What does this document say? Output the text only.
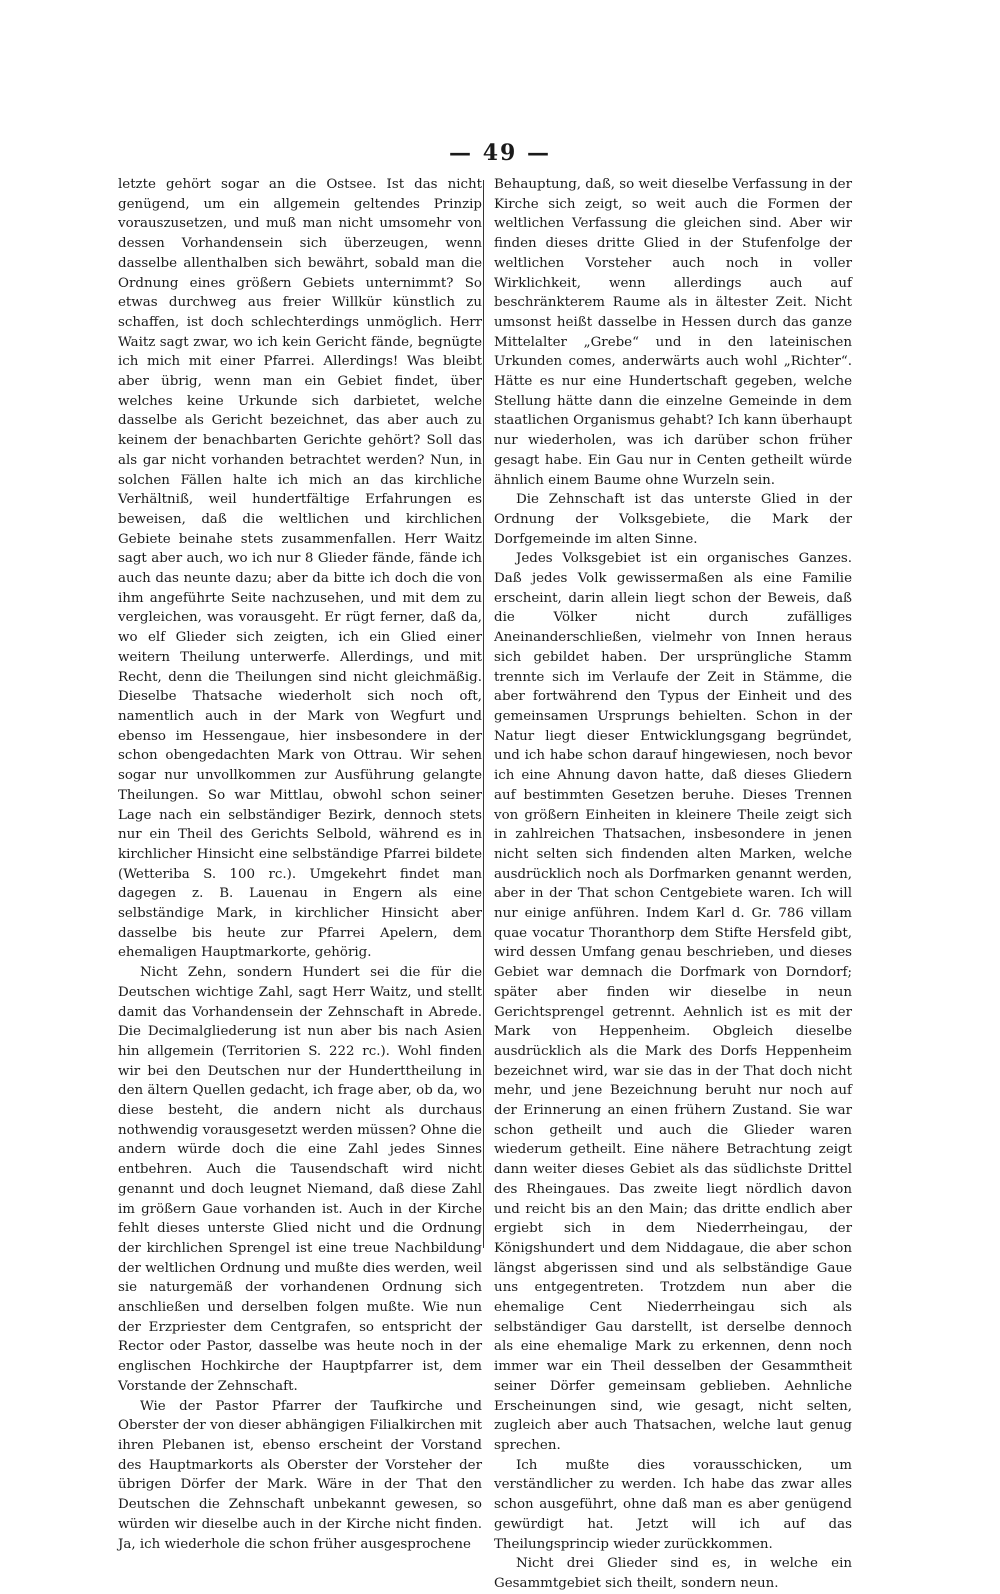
— 49 —

letzte gehört sogar an die Ostsee. Ist das nicht genügend, um ein allgemein geltendes Prinzip vorauszusetzen, und muß man nicht umsomehr von dessen Vorhandensein sich überzeugen, wenn dasselbe allenthalben sich bewährt, sobald man die Ordnung eines größern Gebiets unternimmt? So etwas durchweg aus freier Willkür künstlich zu schaffen, ist doch schlechterdings unmöglich. Herr Waitz sagt zwar, wo ich kein Gericht fände, begnügte ich mich mit einer Pfarrei. Allerdings! Was bleibt aber übrig, wenn man ein Gebiet findet, über welches keine Urkunde sich darbietet, welche dasselbe als Gericht bezeichnet, das aber auch zu keinem der benachbarten Gerichte gehört? Soll das als gar nicht vorhanden betrachtet werden? Nun, in solchen Fällen halte ich mich an das kirchliche Verhältniß, weil hundertfältige Erfahrungen es beweisen, daß die weltlichen und kirchlichen Gebiete beinahe stets zusammenfallen. Herr Waitz sagt aber auch, wo ich nur 8 Glieder fände, fände ich auch das neunte dazu; aber da bitte ich doch die von ihm angeführte Seite nachzusehen, und mit dem zu vergleichen, was vorausgeht. Er rügt ferner, daß da, wo elf Glieder sich zeigten, ich ein Glied einer weitern Theilung unterwerfe. Allerdings, und mit Recht, denn die Theilungen sind nicht gleichmäßig. Dieselbe Thatsache wiederholt sich noch oft, namentlich auch in der Mark von Wegfurt und ebenso im Hessengaue, hier insbesondere in der schon obengedachten Mark von Ottrau. Wir sehen sogar nur unvollkommen zur Ausführung gelangte Theilungen. So war Mittlau, obwohl schon seiner Lage nach ein selbständiger Bezirk, dennoch stets nur ein Theil des Gerichts Selbold, während es in kirchlicher Hinsicht eine selbständige Pfarrei bildete (Wetteriba S. 100 rc.). Umgekehrt findet man dagegen z. B. Lauenau in Engern als eine selbständige Mark, in kirchlicher Hinsicht aber dasselbe bis heute zur Pfarrei Apelern, dem ehemaligen Hauptmarkorte, gehörig.

Nicht Zehn, sondern Hundert sei die für die Deutschen wichtige Zahl, sagt Herr Waitz, und stellt damit das Vorhandensein der Zehnschaft in Abrede. Die Decimalgliederung ist nun aber bis nach Asien hin allgemein (Territorien S. 222 rc.). Wohl finden wir bei den Deutschen nur der Hunderttheilung in den ältern Quellen gedacht, ich frage aber, ob da, wo diese besteht, die andern nicht als durchaus nothwendig vorausgesetzt werden müssen? Ohne die andern würde doch die eine Zahl jedes Sinnes entbehren. Auch die Tausendschaft wird nicht genannt und doch leugnet Niemand, daß diese Zahl im größern Gaue vorhanden ist. Auch in der Kirche fehlt dieses unterste Glied nicht und die Ordnung der kirchlichen Sprengel ist eine treue Nachbildung der weltlichen Ordnung und mußte dies werden, weil sie naturgemäß der vorhandenen Ordnung sich anschließen und derselben folgen mußte. Wie nun der Erzpriester dem Centgrafen, so entspricht der Rector oder Pastor, dasselbe was heute noch in der englischen Hochkirche der Hauptpfarrer ist, dem Vorstande der Zehnschaft.

Wie der Pastor Pfarrer der Taufkirche und Oberster der von dieser abhängigen Filialkirchen mit ihren Plebanen ist, ebenso erscheint der Vorstand des Hauptmarkorts als Oberster der Vorsteher der übrigen Dörfer der Mark. Wäre in der That den Deutschen die Zehnschaft unbekannt gewesen, so würden wir dieselbe auch in der Kirche nicht finden. Ja, ich wiederhole die schon früher ausgesprochene

Behauptung, daß, so weit dieselbe Verfassung in der Kirche sich zeigt, so weit auch die Formen der weltlichen Verfassung die gleichen sind. Aber wir finden dieses dritte Glied in der Stufenfolge der weltlichen Vorsteher auch noch in voller Wirklichkeit, wenn allerdings auch auf beschränkterem Raume als in ältester Zeit. Nicht umsonst heißt dasselbe in Hessen durch das ganze Mittelalter „Grebe“ und in den lateinischen Urkunden comes, anderwärts auch wohl „Richter“. Hätte es nur eine Hundertschaft gegeben, welche Stellung hätte dann die einzelne Gemeinde in dem staatlichen Organismus gehabt? Ich kann überhaupt nur wiederholen, was ich darüber schon früher gesagt habe. Ein Gau nur in Centen getheilt würde ähnlich einem Baume ohne Wurzeln sein.

Die Zehnschaft ist das unterste Glied in der Ordnung der Volksgebiete, die Mark der Dorfgemeinde im alten Sinne.

Jedes Volksgebiet ist ein organisches Ganzes. Daß jedes Volk gewissermaßen als eine Familie erscheint, darin allein liegt schon der Beweis, daß die Völker nicht durch zufälliges Aneinanderschließen, vielmehr von Innen heraus sich gebildet haben. Der ursprüngliche Stamm trennte sich im Verlaufe der Zeit in Stämme, die aber fortwährend den Typus der Einheit und des gemeinsamen Ursprungs behielten. Schon in der Natur liegt dieser Entwicklungsgang begründet, und ich habe schon darauf hingewiesen, noch bevor ich eine Ahnung davon hatte, daß dieses Gliedern auf bestimmten Gesetzen beruhe. Dieses Trennen von größern Einheiten in kleinere Theile zeigt sich in zahlreichen Thatsachen, insbesondere in jenen nicht selten sich findenden alten Marken, welche ausdrücklich noch als Dorfmarken genannt werden, aber in der That schon Centgebiete waren. Ich will nur einige anführen. Indem Karl d. Gr. 786 villam quae vocatur Thoranthorp dem Stifte Hersfeld gibt, wird dessen Umfang genau beschrieben, und dieses Gebiet war demnach die Dorfmark von Dorndorf; später aber finden wir dieselbe in neun Gerichtsprengel getrennt. Aehnlich ist es mit der Mark von Heppenheim. Obgleich dieselbe ausdrücklich als die Mark des Dorfs Heppenheim bezeichnet wird, war sie das in der That doch nicht mehr, und jene Bezeichnung beruht nur noch auf der Erinnerung an einen frühern Zustand. Sie war schon getheilt und auch die Glieder waren wiederum getheilt. Eine nähere Betrachtung zeigt dann weiter dieses Gebiet als das südlichste Drittel des Rheingaues. Das zweite liegt nördlich davon und reicht bis an den Main; das dritte endlich aber ergiebt sich in dem Niederrheingau, der Königshundert und dem Niddagaue, die aber schon längst abgerissen sind und als selbständige Gaue uns entgegentreten. Trotzdem nun aber die ehemalige Cent Niederrheingau sich als selbständiger Gau darstellt, ist derselbe dennoch als eine ehemalige Mark zu erkennen, denn noch immer war ein Theil desselben der Gesammtheit seiner Dörfer gemeinsam geblieben. Aehnliche Erscheinungen sind, wie gesagt, nicht selten, zugleich aber auch Thatsachen, welche laut genug sprechen.

Ich mußte dies vorausschicken, um verständlicher zu werden. Ich habe das zwar alles schon ausgeführt, ohne daß man es aber genügend gewürdigt hat. Jetzt will ich auf das Theilungsprincip wieder zurückkommen.

Nicht drei Glieder sind es, in welche ein Gesammtgebiet sich theilt, sondern neun.
